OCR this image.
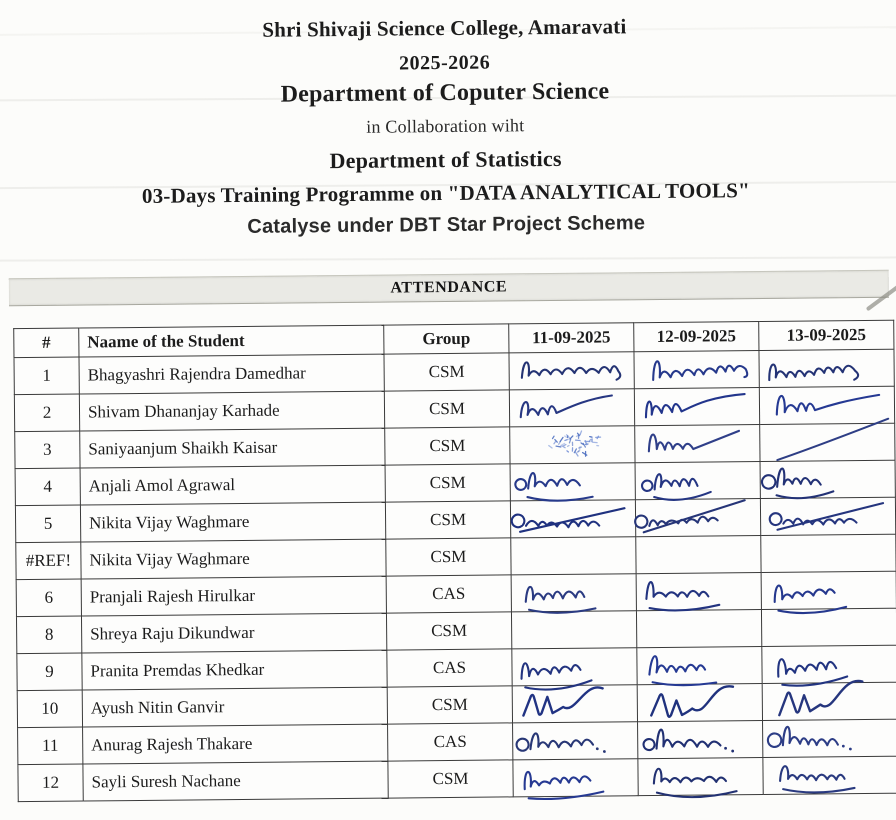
Shri Shivaji Science College, Amaravati
2025-2026
Department of Coputer Science
in Collaboration wiht
Department of Statistics
03-Days Training Programme on "DATA ANALYTICAL TOOLS"
Catalyse under DBT Star Project Scheme
ATTENDANCE
#	Naame of the Student	Group	11-09-2025	12-09-2025	13-09-2025
1	Bhagyashri Rajendra Damedhar	CSM	

2	Shivam Dhananjay Karhade	CSM	

3	Saniyaanjum Shaikh Kaisar	CSM	

4	Anjali Amol Agrawal	CSM	

5	Nikita Vijay Waghmare	CSM	

#REF!	Nikita Vijay Waghmare	CSM			
6	Pranjali Rajesh Hirulkar	CAS	

8	Shreya Raju Dikundwar	CSM			
9	Pranita Premdas Khedkar	CAS	

10	Ayush Nitin Ganvir	CSM	

11	Anurag Rajesh Thakare	CAS	

12	Sayli Suresh Nachane	CSM	
